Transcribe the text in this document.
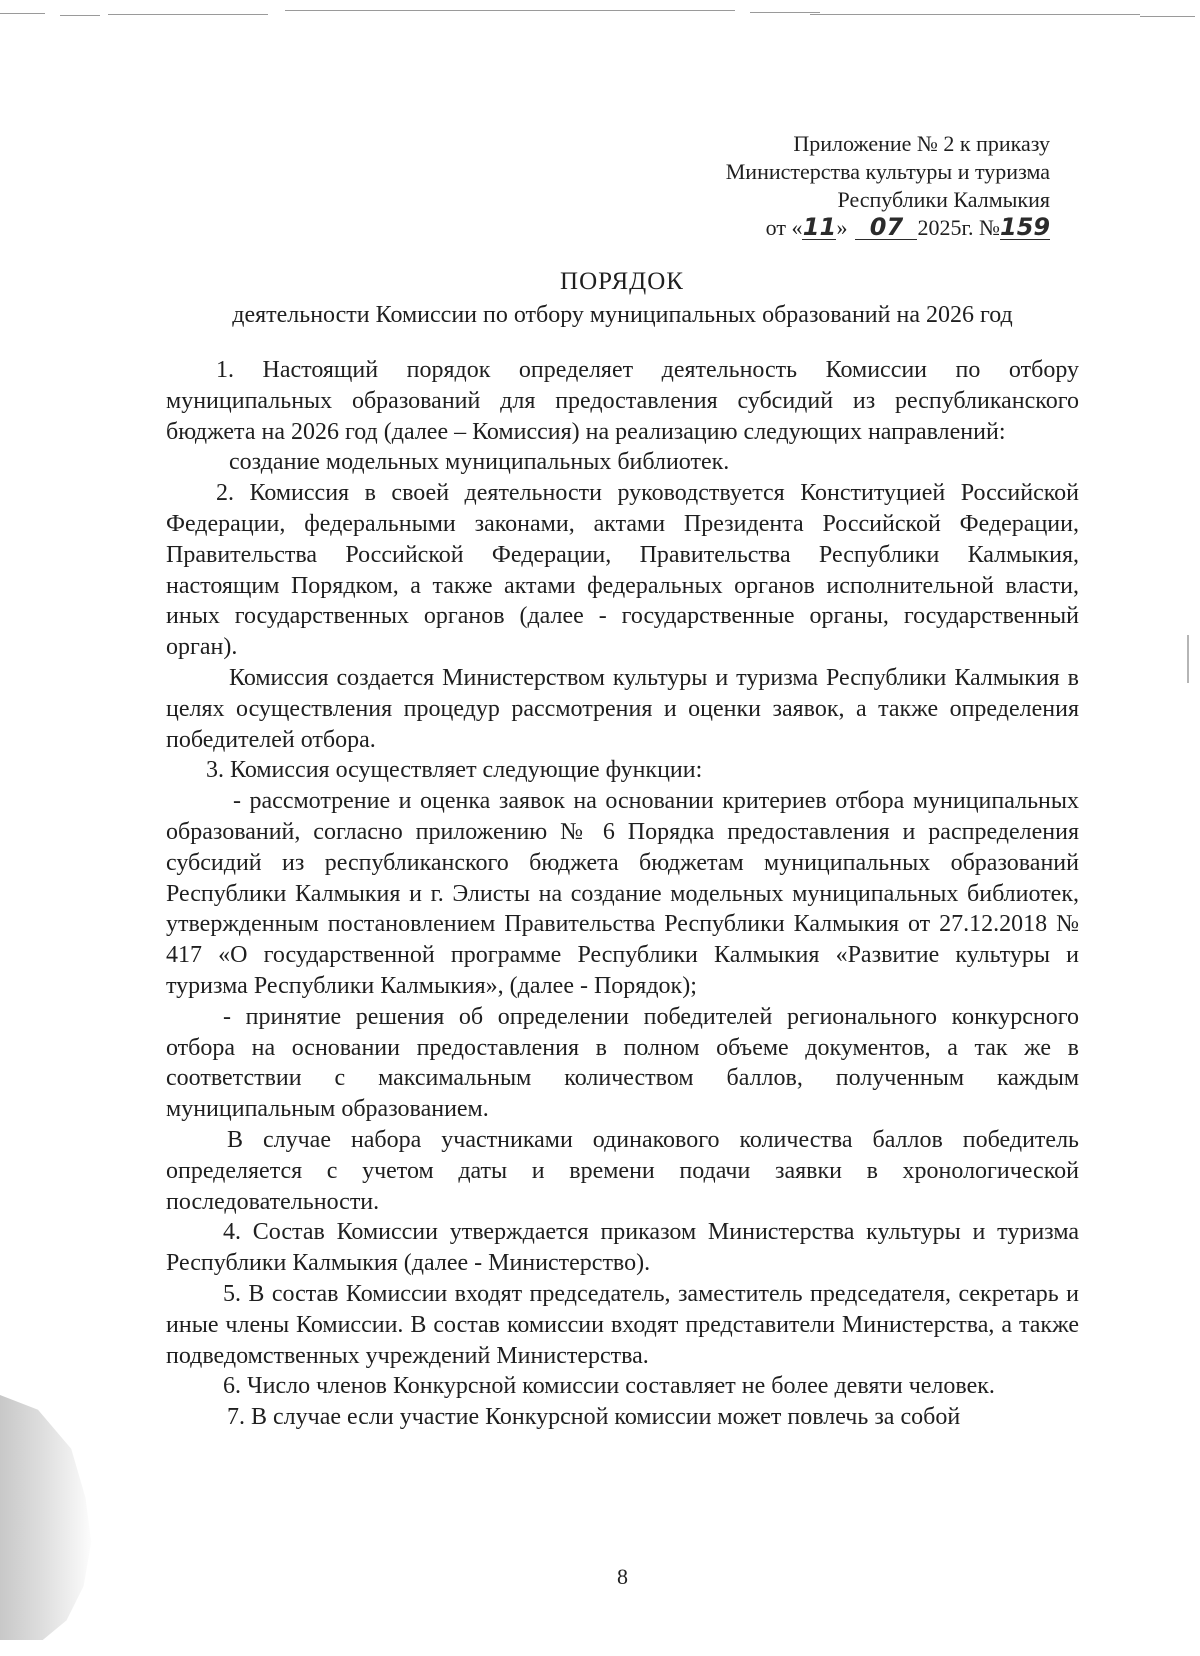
Приложение № 2 к приказу
Министерства культуры и туризма
Республики Калмыкия
от «11» 07 2025г. №159
ПОРЯДОК
деятельности Комиссии по отбору муниципальных образований на 2026 год

1. Настоящий порядок определяет деятельность Комиссии по отбору муниципальных образований для предоставления субсидий из республиканского бюджета на 2026 год (далее – Комиссия) на реализацию следующих направлений:

создание модельных муниципальных библиотек.

2. Комиссия в своей деятельности руководствуется Конституцией Российской Федерации, федеральными законами, актами Президента Российской Федерации, Правительства Российской Федерации, Правительства Республики Калмыкия, настоящим Порядком, а также актами федеральных органов исполнительной власти, иных государственных органов (далее - государственные органы, государственный орган).

Комиссия создается Министерством культуры и туризма Республики Калмыкия в целях осуществления процедур рассмотрения и оценки заявок, а также определения победителей отбора.

3. Комиссия осуществляет следующие функции:

- рассмотрение и оценка заявок на основании критериев отбора муниципальных образований, согласно приложению № 6 Порядка предоставления и распределения субсидий из республиканского бюджета бюджетам муниципальных образований Республики Калмыкия и г. Элисты на создание модельных муниципальных библиотек, утвержденным постановлением Правительства Республики Калмыкия от 27.12.2018 № 417 «О государственной программе Республики Калмыкия «Развитие культуры и туризма Республики Калмыкия», (далее - Порядок);

- принятие решения об определении победителей регионального конкурсного отбора на основании предоставления в полном объеме документов, а так же в соответствии с максимальным количеством баллов, полученным каждым муниципальным образованием.

В случае набора участниками одинакового количества баллов победитель определяется с учетом даты и времени подачи заявки в хронологической последовательности.

4. Состав Комиссии утверждается приказом Министерства культуры и туризма Республики Калмыкия (далее - Министерство).

5. В состав Комиссии входят председатель, заместитель председателя, секретарь и иные члены Комиссии. В состав комиссии входят представители Министерства, а также подведомственных учреждений Министерства.

6. Число членов Конкурсной комиссии составляет не более девяти человек.

7. В случае если участие Конкурсной комиссии может повлечь за собой

8
